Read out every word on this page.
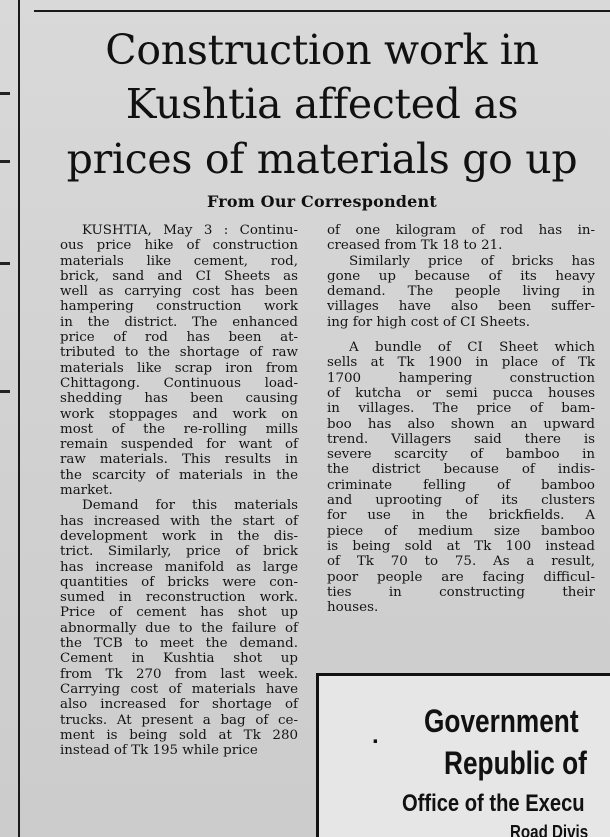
Construction work in
Kushtia affected as
prices of materials go up
From Our Correspondent
KUSHTIA, May 3 : Continu-
ous price hike of construction
materials like cement, rod,
brick, sand and CI Sheets as
well as carrying cost has been
hampering construction work
in the district. The enhanced
price of rod has been at-
tributed to the shortage of raw
materials like scrap iron from
Chittagong. Continuous load-
shedding has been causing
work stoppages and work on
most of the re-rolling mills
remain suspended for want of
raw materials. This results in
the scarcity of materials in the
market.
Demand for this materials
has increased with the start of
development work in the dis-
trict. Similarly, price of brick
has increase manifold as large
quantities of bricks were con-
sumed in reconstruction work.
Price of cement has shot up
abnormally due to the failure of
the TCB to meet the demand.
Cement in Kushtia shot up
from Tk 270 from last week.
Carrying cost of materials have
also increased for shortage of
trucks. At present a bag of ce-
ment is being sold at Tk 280
instead of Tk 195 while price
of one kilogram of rod has in-
creased from Tk 18 to 21.
Similarly price of bricks has
gone up because of its heavy
demand. The people living in
villages have also been suffer-
ing for high cost of CI Sheets.
A bundle of CI Sheet which
sells at Tk 1900 in place of Tk
1700 hampering construction
of kutcha or semi pucca houses
in villages. The price of bam-
boo has also shown an upward
trend. Villagers said there is
severe scarcity of bamboo in
the district because of indis-
criminate felling of bamboo
and uprooting of its clusters
for use in the brickfields. A
piece of medium size bamboo
is being sold at Tk 100 instead
of Tk 70 to 75. As a result,
poor people are facing difficul-
ties in constructing their
houses.
. Government
Republic of
Office of the Execu
Road Divis
